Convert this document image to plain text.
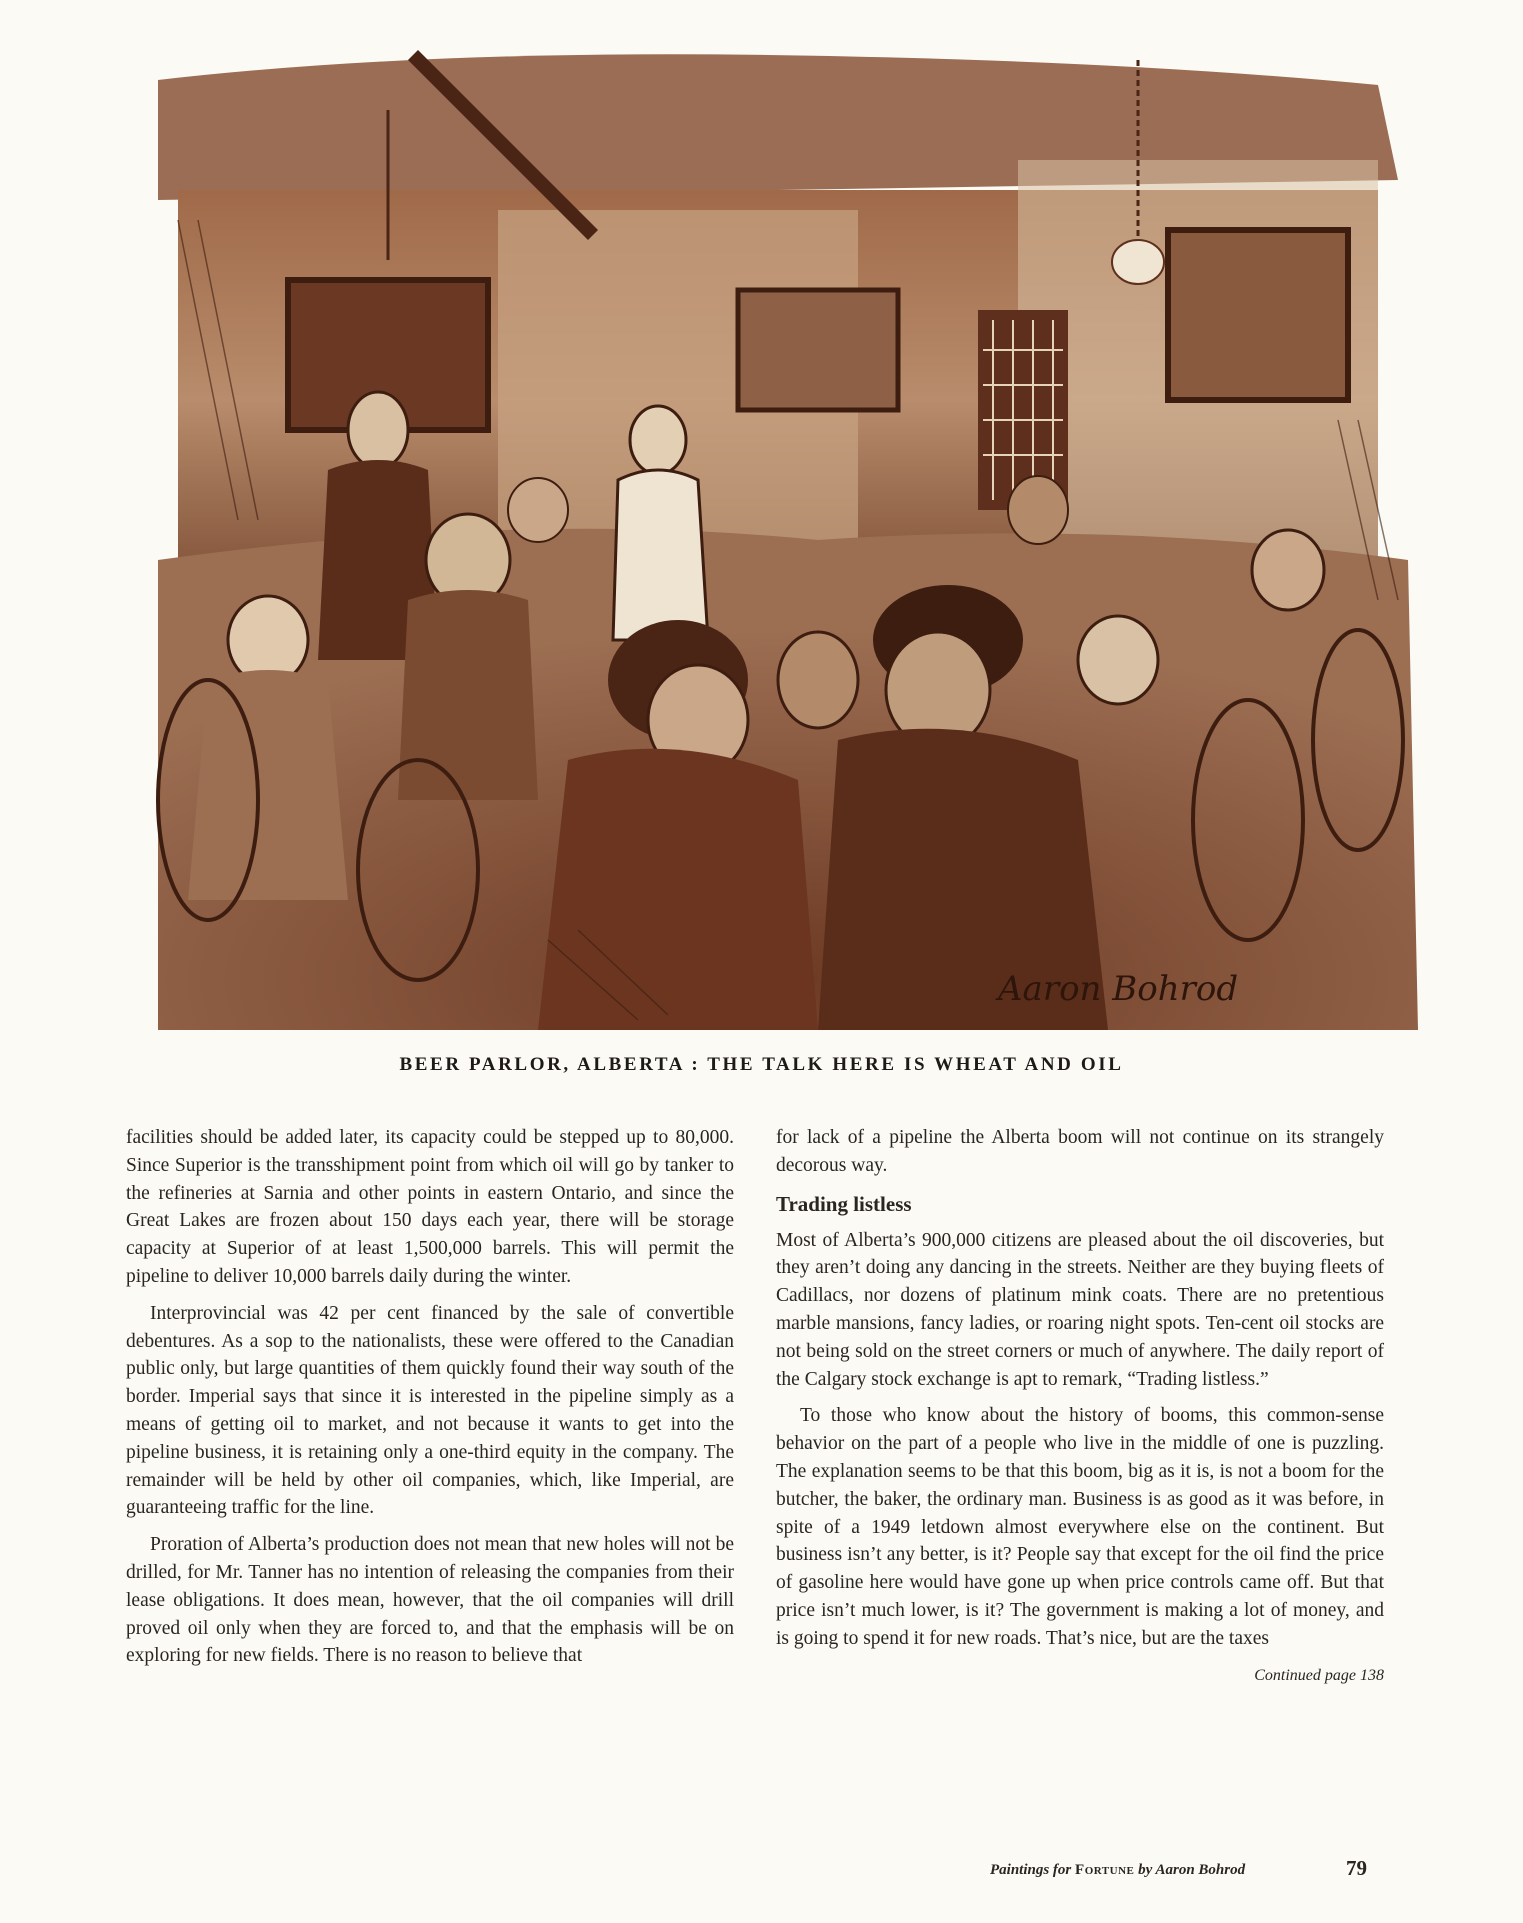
Aaron Bohrod
BEER PARLOR, ALBERTA : THE TALK HERE IS WHEAT AND OIL

facilities should be added later, its capacity could be stepped up to 80,000. Since Superior is the transshipment point from which oil will go by tanker to the refineries at Sarnia and other points in eastern Ontario, and since the Great Lakes are frozen about 150 days each year, there will be storage capacity at Superior of at least 1,500,000 barrels. This will permit the pipeline to deliver 10,000 barrels daily during the winter.

Interprovincial was 42 per cent financed by the sale of convertible debentures. As a sop to the nationalists, these were offered to the Canadian public only, but large quantities of them quickly found their way south of the border. Imperial says that since it is interested in the pipeline simply as a means of getting oil to market, and not because it wants to get into the pipeline business, it is retaining only a one-third equity in the company. The remainder will be held by other oil companies, which, like Imperial, are guaranteeing traffic for the line.

Proration of Alberta’s production does not mean that new holes will not be drilled, for Mr. Tanner has no intention of releasing the companies from their lease obligations. It does mean, however, that the oil companies will drill proved oil only when they are forced to, and that the emphasis will be on exploring for new fields. There is no reason to believe that

for lack of a pipeline the Alberta boom will not continue on its strangely decorous way.

Trading listless

Most of Alberta’s 900,000 citizens are pleased about the oil discoveries, but they aren’t doing any dancing in the streets. Neither are they buying fleets of Cadillacs, nor dozens of platinum mink coats. There are no pretentious marble mansions, fancy ladies, or roaring night spots. Ten-cent oil stocks are not being sold on the street corners or much of anywhere. The daily report of the Calgary stock exchange is apt to remark, “Trading listless.”

To those who know about the history of booms, this common-sense behavior on the part of a people who live in the middle of one is puzzling. The explanation seems to be that this boom, big as it is, is not a boom for the butcher, the baker, the ordinary man. Business is as good as it was before, in spite of a 1949 letdown almost everywhere else on the continent. But business isn’t any better, is it? People say that except for the oil find the price of gasoline here would have gone up when price controls came off. But that price isn’t much lower, is it? The government is making a lot of money, and is going to spend it for new roads. That’s nice, but are the taxes

Continued page 138
Paintings for Fortune by Aaron Bohrod	79
